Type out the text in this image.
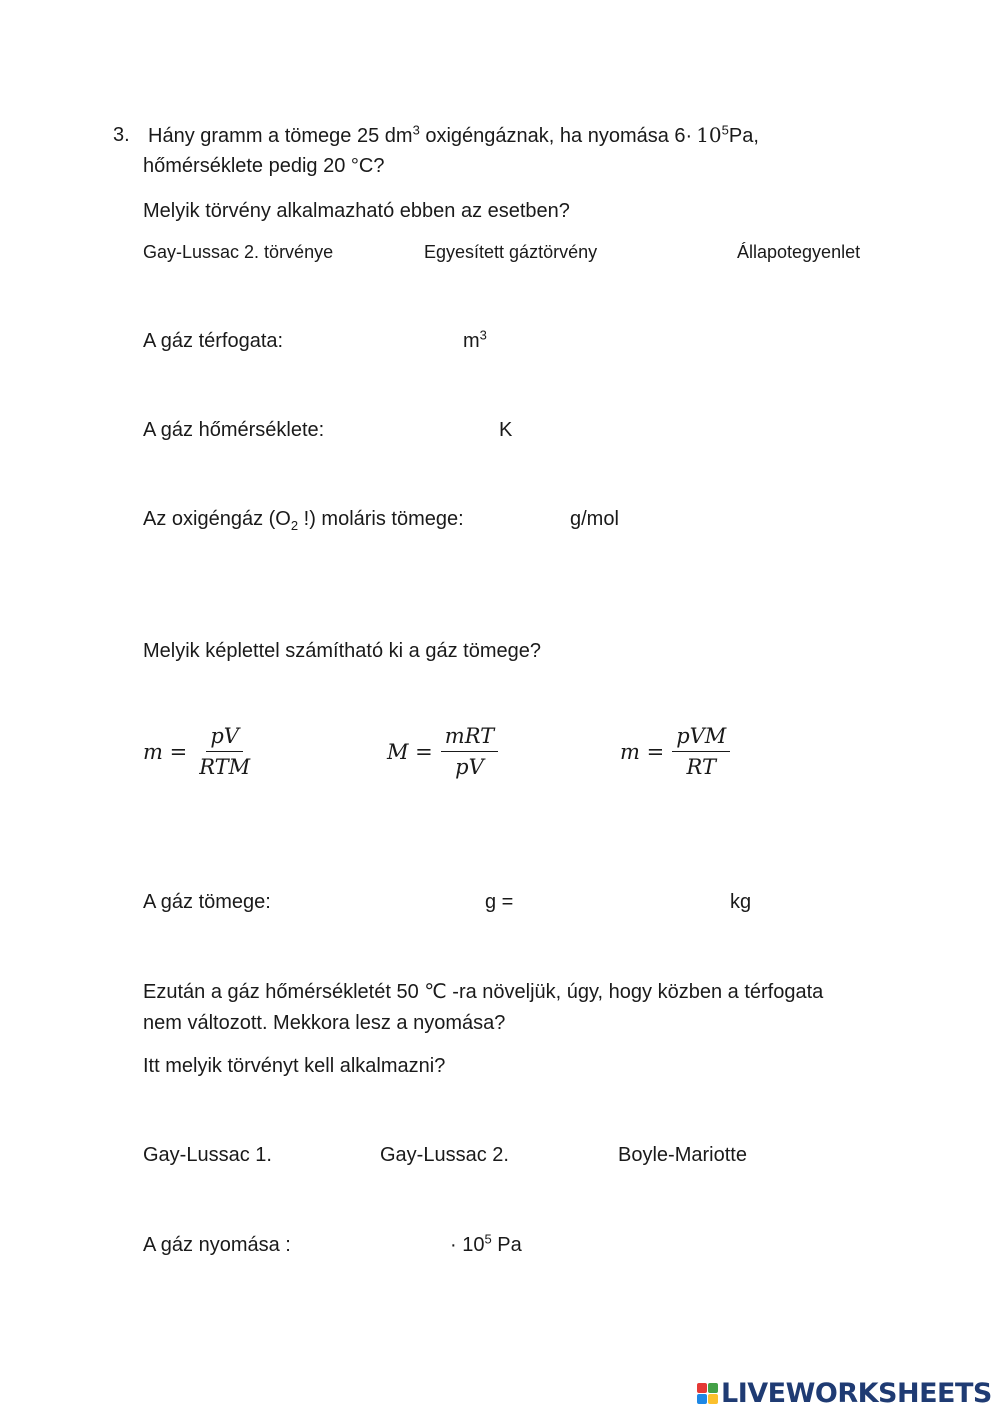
3. Hány gramm a tömege 25 $dm^3$ oxigéngáznak, ha nyomása $6\cdot 10^5Pa$,
hőmérséklete pedig 20 °C?
Melyik törvény alkalmazható ebben az esetben?
Gay-Lussac 2. törvénye	Egyesített gáztörvény	Állapotegyenlet
A gáz térfogata:	$m^3$
A gáz hőmérséklete:	K
Az oxigéngáz ($O_2$ !) moláris tömege:	g/mol
Melyik képlettel számítható ki a gáz tömege?
$m = \frac{pV}{\text{RTM}}$	$M = \frac{\text{mRT}}{pV}$	$m = \frac{\text{pVM}}{RT}$
A gáz tömege:	g =	kg
Ezután a gáz hőmérsékletét 50 ℃ -ra növeljük, úgy, hogy közben a térfogata
nem változott. Mekkora lesz a nyomása?
Itt melyik törvényt kell alkalmazni?
Gay-Lussac 1.	Gay-Lussac 2.	Boyle-Mariotte
A gáz nyomása :	· $10^5$ Pa
LIVEWORKSHEETS
